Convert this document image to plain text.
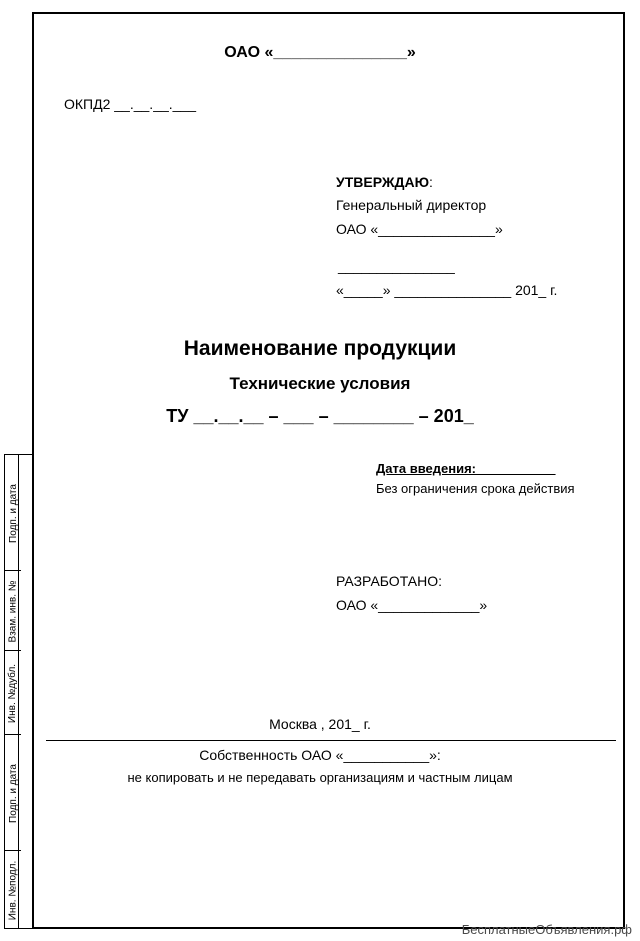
Подп. и дата
Взам. инв. №
Инв. №дубл.
Подп. и дата
Инв. №подл.
ОАО «_______________»
ОКПД2 __.__.__.___
УТВЕРЖДАЮ:
Генеральный директор
ОАО «_______________»
_______________
«_____» _______________ 201_ г.
Наименование продукции
Технические условия
ТУ __.__.__ – ___ – ________ – 201_
Дата введения:___________
Без ограничения срока действия
РАЗРАБОТАНО:
ОАО «_____________»
Москва , 201_ г.
Собственность ОАО «___________»:
не копировать и не передавать организациям и частным лицам
БесплатныеОбъявления.рф
